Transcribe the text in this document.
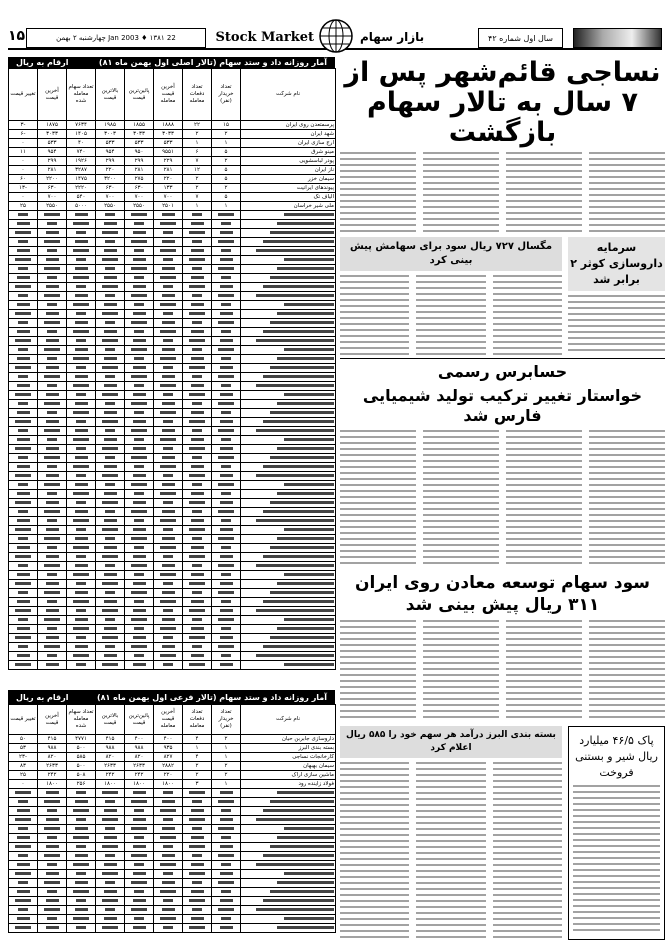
۱۵	22 Jan 2003 ♦ ۱۳۸۱ چهارشنبه ۲ بهمن	Stock Market	بازار سهام	سال اول شماره ۴۲
آمار روزانه داد و ستد سهام (تالار اصلی اول بهمن ماه ۸۱)
ارقام به ریال
نام شرکت	تعداد خریدار (نفر)	تعداد دفعات معامله	آخرین قیمت معامله	پائین‌ترین قیمت	بالاترین قیمت	تعداد سهام معامله شده	آخرین قیمت	تغییر قیمت
پرسمتعدن روی ایران	۱۵	۲۲	۱۸۸۸	۱۸۵۵	۱۹۸۵	۷۶۳۴	۱۸۷۵	-۳
شهد ایران	۲	۲	۳۰۳۳	۳۰۳۳	۳۰۰۳	۱۴۰۵	۳۰۳۳	-۶
ارج سازی ایران	۱	۱	۵۳۳	۵۳۳	۵۳۳	۴۰	۵۳۳	۰
مینو شرق	۵	۶	۹۵۵۱	۹۵۰	۹۵۴	۷۴۰	۹۵۴	۱۱
پودر لباسشویی	۲	۷	۲۲۹	۲۹۹	۲۹۹	۱۹۲۶	۲۹۹	۰
ناز ایران	۵	۱۲	۲۸۱	۲۸۱	۲۲۰	۳۲۸۷	۲۸۱	۰
سیمان خزر	۵	۲	۲۲۰	۲۷۵	۳۲۰۰	۱۴۷۵	۲۲۰۰	۶۰
پیوندهای ایرانیت	۲	۲	۱۳۳	۶۳۰	۶۳۰	۲۲۲۰	۶۳۰	-۱۳
الیاف تک	۵	۷	۷۰۰	۷۰۰	۷۰۰	۵۴۰	۷۰۰	۰
ملی شیر خراسان	۱	۱	۲۵۰۱	۲۵۵۰	۲۵۵۰	۵۰۰۰	۲۵۵۰	۲۵

آمار روزانه داد و ستد سهام (تالار فرعی اول بهمن ماه ۸۱)
ارقام به ریال
نام شرکت	تعداد خریدار (نفر)	تعداد دفعات معامله	آخرین قیمت معامله	پائین‌ترین قیمت	بالاترین قیمت	تعداد سهام معامله شده	آخرین قیمت	تغییر قیمت
داروسازی جابربن حیان	۲	۴	۴۰۰	۴۰۰	۴۱۵	۴۷۷۱	۴۱۵	۵۰
بسته بندی البرز	۱	۱	۹۳۵	۹۸۸	۹۸۸	۵۰۰	۹۸۸	۵۳
کارخانجات نساجی	۱	۴	۸۲۷	۸۲۰	۸۲۰	۵۸۵	۸۲۰	-۲۳
سیمان بهبهان	۲	۲	۲۸۸۲	۲۶۳۳	۲۶۳۳	۵۰۰	۲۶۳۳	۸۳
ماشین سازی اراک	۲	۲	۲۲۰	۲۴۲	۲۴۲	۵۰۸	۲۴۲	۲۵
فولاد زاینده رود	۱	۳	۱۸۰۰	۱۸۰۰	۱۸۰۰	۲۵۶	۱۸۰۰	۰

نساجی قائم‌شهر پس از ۷ سال به تالار سهام بازگشت
مگسال ۷۲۷ ریال سود برای سهامش پیش بینی کرد
سرمایه داروسازی کوثر ۲ برابر شد
حسابرس رسمی
خواستار تغییر ترکیب تولید شیمیایی فارس شد
سود سهام توسعه معادن روی ایران ۳۱۱ ریال پیش بینی شد
بسته بندی البرز درآمد هر سهم خود را ۵۸۵ ریال اعلام کرد
پاک ۴۶/۵ میلیارد ریال شیر و بستنی فروخت
